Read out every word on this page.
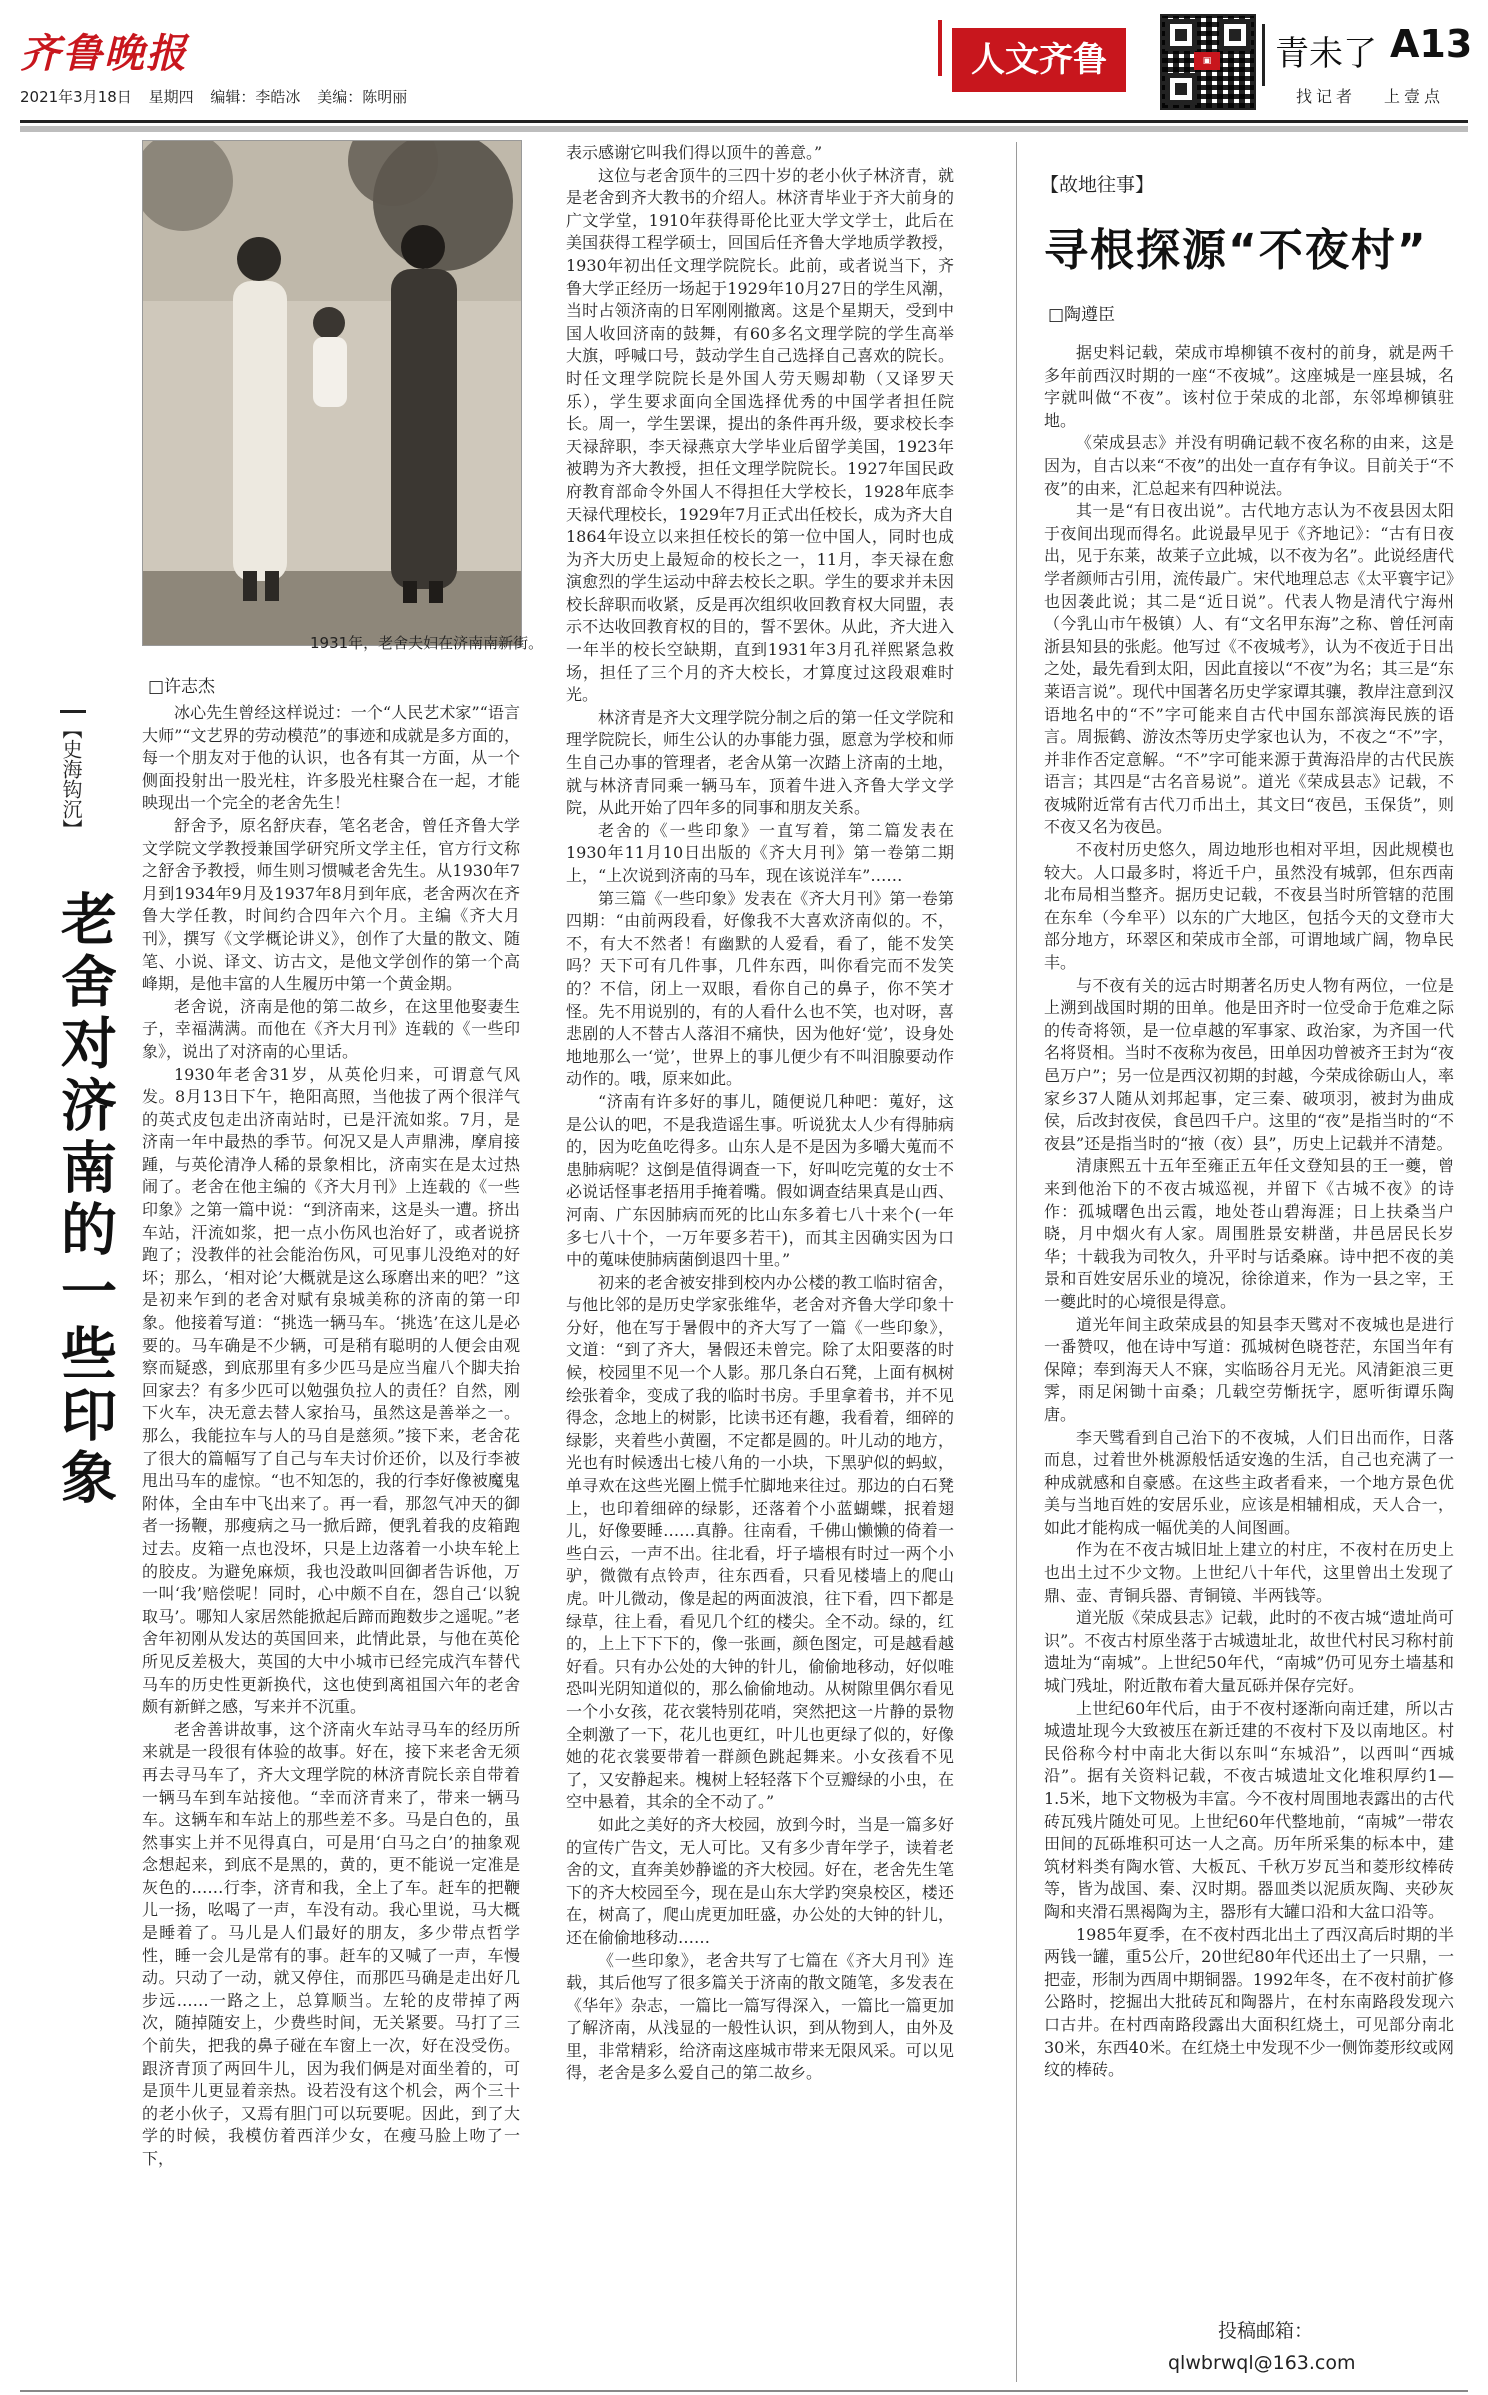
齐鲁晚报
2021年3月18日 星期四 编辑：李皓冰 美编：陈明丽
人文齐鲁	▣ 青未了 A13
找记者 上壹点
1931年，老舍夫妇在济南南新街。
□许志杰
【史海钩沉】
老舍对济南的一些印象

冰心先生曾经这样说过：一个“人民艺术家”“语言大师”“文艺界的劳动模范”的事迹和成就是多方面的，每一个朋友对于他的认识，也各有其一方面，从一个侧面投射出一股光柱，许多股光柱聚合在一起，才能映现出一个完全的老舍先生！

舒舍予，原名舒庆春，笔名老舍，曾任齐鲁大学文学院文学教授兼国学研究所文学主任，官方行文称之舒舍予教授，师生则习惯喊老舍先生。从1930年7月到1934年9月及1937年8月到年底，老舍两次在齐鲁大学任教，时间约合四年六个月。主编《齐大月刊》，撰写《文学概论讲义》，创作了大量的散文、随笔、小说、译文、访古文，是他文学创作的第一个高峰期，是他丰富的人生履历中第一个黄金期。

老舍说，济南是他的第二故乡，在这里他娶妻生子，幸福满满。而他在《齐大月刊》连载的《一些印象》，说出了对济南的心里话。

1930年老舍31岁，从英伦归来，可谓意气风发。8月13日下午，艳阳高照，当他拔了两个很洋气的英式皮包走出济南站时，已是汗流如浆。7月，是济南一年中最热的季节。何况又是人声鼎沸，摩肩接踵，与英伦清净人稀的景象相比，济南实在是太过热闹了。老舍在他主编的《齐大月刊》上连载的《一些印象》之第一篇中说：“到济南来，这是头一遭。挤出车站，汗流如浆，把一点小伤风也治好了，或者说挤跑了；没教伴的社会能治伤风，可见事儿没绝对的好坏；那么，‘相对论’大概就是这么琢磨出来的吧？”这是初来乍到的老舍对赋有泉城美称的济南的第一印象。他接着写道：“挑选一辆马车。‘挑选’在这儿是必要的。马车确是不少辆，可是稍有聪明的人便会由观察而疑惑，到底那里有多少匹马是应当雇八个脚夫抬回家去？有多少匹可以勉强负拉人的责任？自然，刚下火车，决无意去替人家抬马，虽然这是善举之一。那么，我能拉车与人的马自是慈须。”接下来，老舍花了很大的篇幅写了自己与车夫讨价还价，以及行李被甩出马车的虚惊。“也不知怎的，我的行李好像被魔鬼附体，全由车中飞出来了。再一看，那忽气冲天的御者一扬鞭，那瘦病之马一掀后蹄，便乳着我的皮箱跑过去。皮箱一点也没坏，只是上边落着一小块车轮上的胶皮。为避免麻烦，我也没敢叫回御者告诉他，万一叫‘我’赔偿呢！同时，心中颇不自在，怨自己‘以貌取马’。哪知人家居然能掀起后蹄而跑数步之遥呢。”老舍年初刚从发达的英国回来，此情此景，与他在英伦所见反差极大，英国的大中小城市已经完成汽车替代马车的历史性更新换代，这也使到离祖国六年的老舍颇有新鲜之感，写来并不沉重。

老舍善讲故事，这个济南火车站寻马车的经历所来就是一段很有体验的故事。好在，接下来老舍无须再去寻马车了，齐大文理学院的林济青院长亲自带着一辆马车到车站接他。“幸而济青来了，带来一辆马车。这辆车和车站上的那些差不多。马是白色的，虽然事实上并不见得真白，可是用‘白马之白’的抽象观念想起来，到底不是黑的，黄的，更不能说一定准是灰色的……行李，济青和我，全上了车。赶车的把鞭儿一扬，吆喝了一声，车没有动。我心里说，马大概是睡着了。马儿是人们最好的朋友，多少带点哲学性，睡一会儿是常有的事。赶车的又喊了一声，车慢动。只动了一动，就又停住，而那匹马确是走出好几步远……一路之上，总算顺当。左轮的皮带掉了两次，随掉随安上，少费些时间，无关紧要。马打了三个前失，把我的鼻子碰在车窗上一次，好在没受伤。跟济青顶了两回牛儿，因为我们俩是对面坐着的，可是顶牛儿更显着亲热。设若没有这个机会，两个三十的老小伙子，又焉有胆门可以玩要呢。因此，到了大学的时候，我模仿着西洋少女，在瘦马脸上吻了一下，

表示感谢它叫我们得以顶牛的善意。”

这位与老舍顶牛的三四十岁的老小伙子林济青，就是老舍到齐大教书的介绍人。林济青毕业于齐大前身的广文学堂，1910年获得哥伦比亚大学文学士，此后在美国获得工程学硕士，回国后任齐鲁大学地质学教授，1930年初出任文理学院院长。此前，或者说当下，齐鲁大学正经历一场起于1929年10月27日的学生风潮，当时占领济南的日军刚刚撤离。这是个星期天，受到中国人收回济南的鼓舞，有60多名文理学院的学生高举大旗，呼喊口号，鼓动学生自己选择自己喜欢的院长。时任文理学院院长是外国人劳天赐却勒（又译罗天乐），学生要求面向全国选择优秀的中国学者担任院长。周一，学生罢课，提出的条件再升级，要求校长李天禄辞职，李天禄燕京大学毕业后留学美国，1923年被聘为齐大教授，担任文理学院院长。1927年国民政府教育部命令外国人不得担任大学校长，1928年底李天禄代理校长，1929年7月正式出任校长，成为齐大自1864年设立以来担任校长的第一位中国人，同时也成为齐大历史上最短命的校长之一，11月，李天禄在愈演愈烈的学生运动中辞去校长之职。学生的要求并未因校长辞职而收紧，反是再次组织收回教育权大同盟，表示不达收回教育权的目的，誓不罢休。从此，齐大进入一年半的校长空缺期，直到1931年3月孔祥熙紧急救场，担任了三个月的齐大校长，才算度过这段艰难时光。

林济青是齐大文理学院分制之后的第一任文学院和理学院院长，师生公认的办事能力强，愿意为学校和师生自己办事的管理者，老舍从第一次踏上济南的土地，就与林济青同乘一辆马车，顶着牛进入齐鲁大学文学院，从此开始了四年多的同事和朋友关系。

老舍的《一些印象》一直写着，第二篇发表在1930年11月10日出版的《齐大月刊》第一卷第二期上，“上次说到济南的马车，现在该说洋车”……

第三篇《一些印象》发表在《齐大月刊》第一卷第四期：“由前两段看，好像我不大喜欢济南似的。不，不，有大不然者！有幽默的人爱看，看了，能不发笑吗？天下可有几件事，几件东西，叫你看完而不发笑的？不信，闭上一双眼，看你自己的鼻子，你不笑才怪。先不用说别的，有的人看什么也不笑，也对呀，喜悲剧的人不替古人落泪不痛快，因为他好‘觉’，设身处地地那么一‘觉’，世界上的事儿便少有不叫泪腺要动作动作的。哦，原来如此。

“济南有许多好的事儿，随便说几种吧：蒐好，这是公认的吧，不是我造谣生事。听说犹太人少有得肺病的，因为吃鱼吃得多。山东人是不是因为多嚼大蒐而不患肺病呢？这倒是值得调查一下，好叫吃完蒐的女士不必说话怪事老捂用手掩着嘴。假如调查结果真是山西、河南、广东因肺病而死的比山东多着七八十来个(一年多七八十个，一万年要多若干)，而其主因确实因为口中的蒐味使肺病菌倒退四十里。”

初来的老舍被安排到校内办公楼的教工临时宿舍，与他比邻的是历史学家张维华，老舍对齐鲁大学印象十分好，他在写于暑假中的齐大写了一篇《一些印象》，文道：“到了齐大，暑假还未曾完。除了太阳要落的时候，校园里不见一个人影。那几条白石凳，上面有枫树绘张着伞，变成了我的临时书房。手里拿着书，并不见得念，念地上的树影，比读书还有趣，我看着，细碎的绿影，夹着些小黄圈，不定都是圆的。叶儿动的地方，光也有时候透出七棱八角的一小块，下黑驴似的蚂蚁，单寻欢在这些光圈上慌手忙脚地来往过。那边的白石凳上，也印着细碎的绿影，还落着个小蓝蝴蝶，抿着翅儿，好像要睡……真静。往南看，千佛山懒懒的倚着一些白云，一声不出。往北看，圩子墙根有时过一两个小驴，微微有点铃声，往东西看，只看见楼墙上的爬山虎。叶儿微动，像是起的两面波浪，往下看，四下都是绿草，往上看，看见几个红的楼尖。全不动。绿的，红的，上上下下下的，像一张画，颜色图定，可是越看越好看。只有办公处的大钟的针儿，偷偷地移动，好似唯恐叫光阴知道似的，那么偷偷地动。从树隙里偶尔看见一个小女孩，花衣裳特别花哨，突然把这一片静的景物全刺激了一下，花儿也更红，叶儿也更绿了似的，好像她的花衣裳要带着一群颜色跳起舞来。小女孩看不见了，又安静起来。槐树上轻轻落下个豆瓣绿的小虫，在空中悬着，其余的全不动了。”

如此之美好的齐大校园，放到今时，当是一篇多好的宣传广告文，无人可比。又有多少青年学子，读着老舍的文，直奔美妙静谧的齐大校园。好在，老舍先生笔下的齐大校园至今，现在是山东大学趵突泉校区，楼还在，树高了，爬山虎更加旺盛，办公处的大钟的针儿，还在偷偷地移动……

《一些印象》，老舍共写了七篇在《齐大月刊》连载，其后他写了很多篇关于济南的散文随笔，多发表在《华年》杂志，一篇比一篇写得深入，一篇比一篇更加了解济南，从浅显的一般性认识，到从物到人，由外及里，非常精彩，给济南这座城市带来无限风采。可以见得，老舍是多么爱自己的第二故乡。

【故地往事】
寻根探源“不夜村”
□陶遵臣

据史料记载，荣成市埠柳镇不夜村的前身，就是两千多年前西汉时期的一座“不夜城”。这座城是一座县城，名字就叫做“不夜”。该村位于荣成的北部，东邻埠柳镇驻地。

《荣成县志》并没有明确记载不夜名称的由来，这是因为，自古以来“不夜”的出处一直存有争议。目前关于“不夜”的由来，汇总起来有四种说法。

其一是“有日夜出说”。古代地方志认为不夜县因太阳于夜间出现而得名。此说最早见于《齐地记》：“古有日夜出，见于东莱，故莱子立此城，以不夜为名”。此说经唐代学者颜师古引用，流传最广。宋代地理总志《太平寰宇记》也因袭此说；其二是“近日说”。代表人物是清代宁海州（今乳山市午极镇）人、有“文名甲东海”之称、曾任河南浙县知县的张彪。他写过《不夜城考》，认为不夜近于日出之处，最先看到太阳，因此直接以“不夜”为名；其三是“东莱语言说”。现代中国著名历史学家谭其骧，教岸注意到汉语地名中的“不”字可能来自古代中国东部滨海民族的语言。周振鹤、游汝杰等历史学家也认为，不夜之“不”字，并非作否定意解。“不”字可能来源于黄海沿岸的古代民族语言；其四是“古名音易说”。道光《荣成县志》记载，不夜城附近常有古代刀币出土，其文曰“夜邑，玉保货”，则不夜又名为夜邑。

不夜村历史悠久，周边地形也相对平坦，因此规模也较大。人口最多时，将近千户，虽然没有城郭，但东西南北布局相当整齐。据历史记载，不夜县当时所管辖的范围在东牟（今牟平）以东的广大地区，包括今天的文登市大部分地方，环翠区和荣成市全部，可谓地域广阔，物阜民丰。

与不夜有关的远古时期著名历史人物有两位，一位是上溯到战国时期的田单。他是田齐时一位受命于危难之际的传奇将领，是一位卓越的军事家、政治家，为齐国一代名将贤相。当时不夜称为夜邑，田单因功曾被齐王封为“夜邑万户”；另一位是西汉初期的封越，今荣成徐砺山人，率家乡37人随从刘邦起事，定三秦、破项羽，被封为曲成侯，后改封夜侯，食邑四千户。这里的“夜”是指当时的“不夜县”还是指当时的“掖（夜）县”，历史上记载并不清楚。

清康熙五十五年至雍正五年任文登知县的王一夔，曾来到他治下的不夜古城巡视，并留下《古城不夜》的诗作：孤城曙色出云霞，地处苍山碧海涯；日上扶桑当户晓，月中烟火有人家。周围胜景安耕凿，井邑居民长岁华；十载我为司牧久，升平时与话桑麻。诗中把不夜的美景和百姓安居乐业的境况，徐徐道来，作为一县之宰，王一夔此时的心境很是得意。

道光年间主政荣成县的知县李天骘对不夜城也是进行一番赞叹，他在诗中写道：孤城树色晓苍茫，东国当年有保障；奉到海天人不寐，实临旸谷月无光。风清鉅浪三更霁，雨足闲锄十亩桑；几载空劳惭抚字，愿听街谭乐陶唐。

李天骘看到自己治下的不夜城，人们日出而作，日落而息，过着世外桃源般恬适安逸的生活，自己也充满了一种成就感和自豪感。在这些主政者看来，一个地方景色优美与当地百姓的安居乐业，应该是相辅相成，天人合一，如此才能构成一幅优美的人间图画。

作为在不夜古城旧址上建立的村庄，不夜村在历史上也出土过不少文物。上世纪八十年代，这里曾出土发现了鼎、壶、青铜兵器、青铜镜、半两钱等。

道光版《荣成县志》记载，此时的不夜古城“遗址尚可识”。不夜古村原坐落于古城遗址北，故世代村民习称村前遗址为“南城”。上世纪50年代，“南城”仍可见夯土墙基和城门残址，附近散布着大量瓦砾并保存完好。

上世纪60年代后，由于不夜村逐渐向南迁建，所以古城遗址现今大致被压在新迁建的不夜村下及以南地区。村民俗称今村中南北大街以东叫“东城沿”，以西叫“西城沿”。据有关资料记载，不夜古城遗址文化堆积厚约1—1.5米，地下文物极为丰富。今不夜村周围地表露出的古代砖瓦残片随处可见。上世纪60年代整地前，“南城”一带农田间的瓦砾堆积可达一人之高。历年所采集的标本中，建筑材料类有陶水管、大板瓦、千秋万岁瓦当和菱形纹棒砖等，皆为战国、秦、汉时期。器皿类以泥质灰陶、夹砂灰陶和夹滑石黑褐陶为主，器形有大罐口沿和大盆口沿等。

1985年夏季，在不夜村西北出土了西汉高后时期的半两钱一罐，重5公斤，20世纪80年代还出土了一只鼎，一把壶，形制为西周中期铜器。1992年冬，在不夜村前扩修公路时，挖掘出大批砖瓦和陶器片，在村东南路段发现六口古井。在村西南路段露出大面积红烧土，可见部分南北30米，东西40米。在红烧土中发现不少一侧饰菱形纹或网纹的棒砖。

投稿邮箱：
qlwbrwql@163.com
